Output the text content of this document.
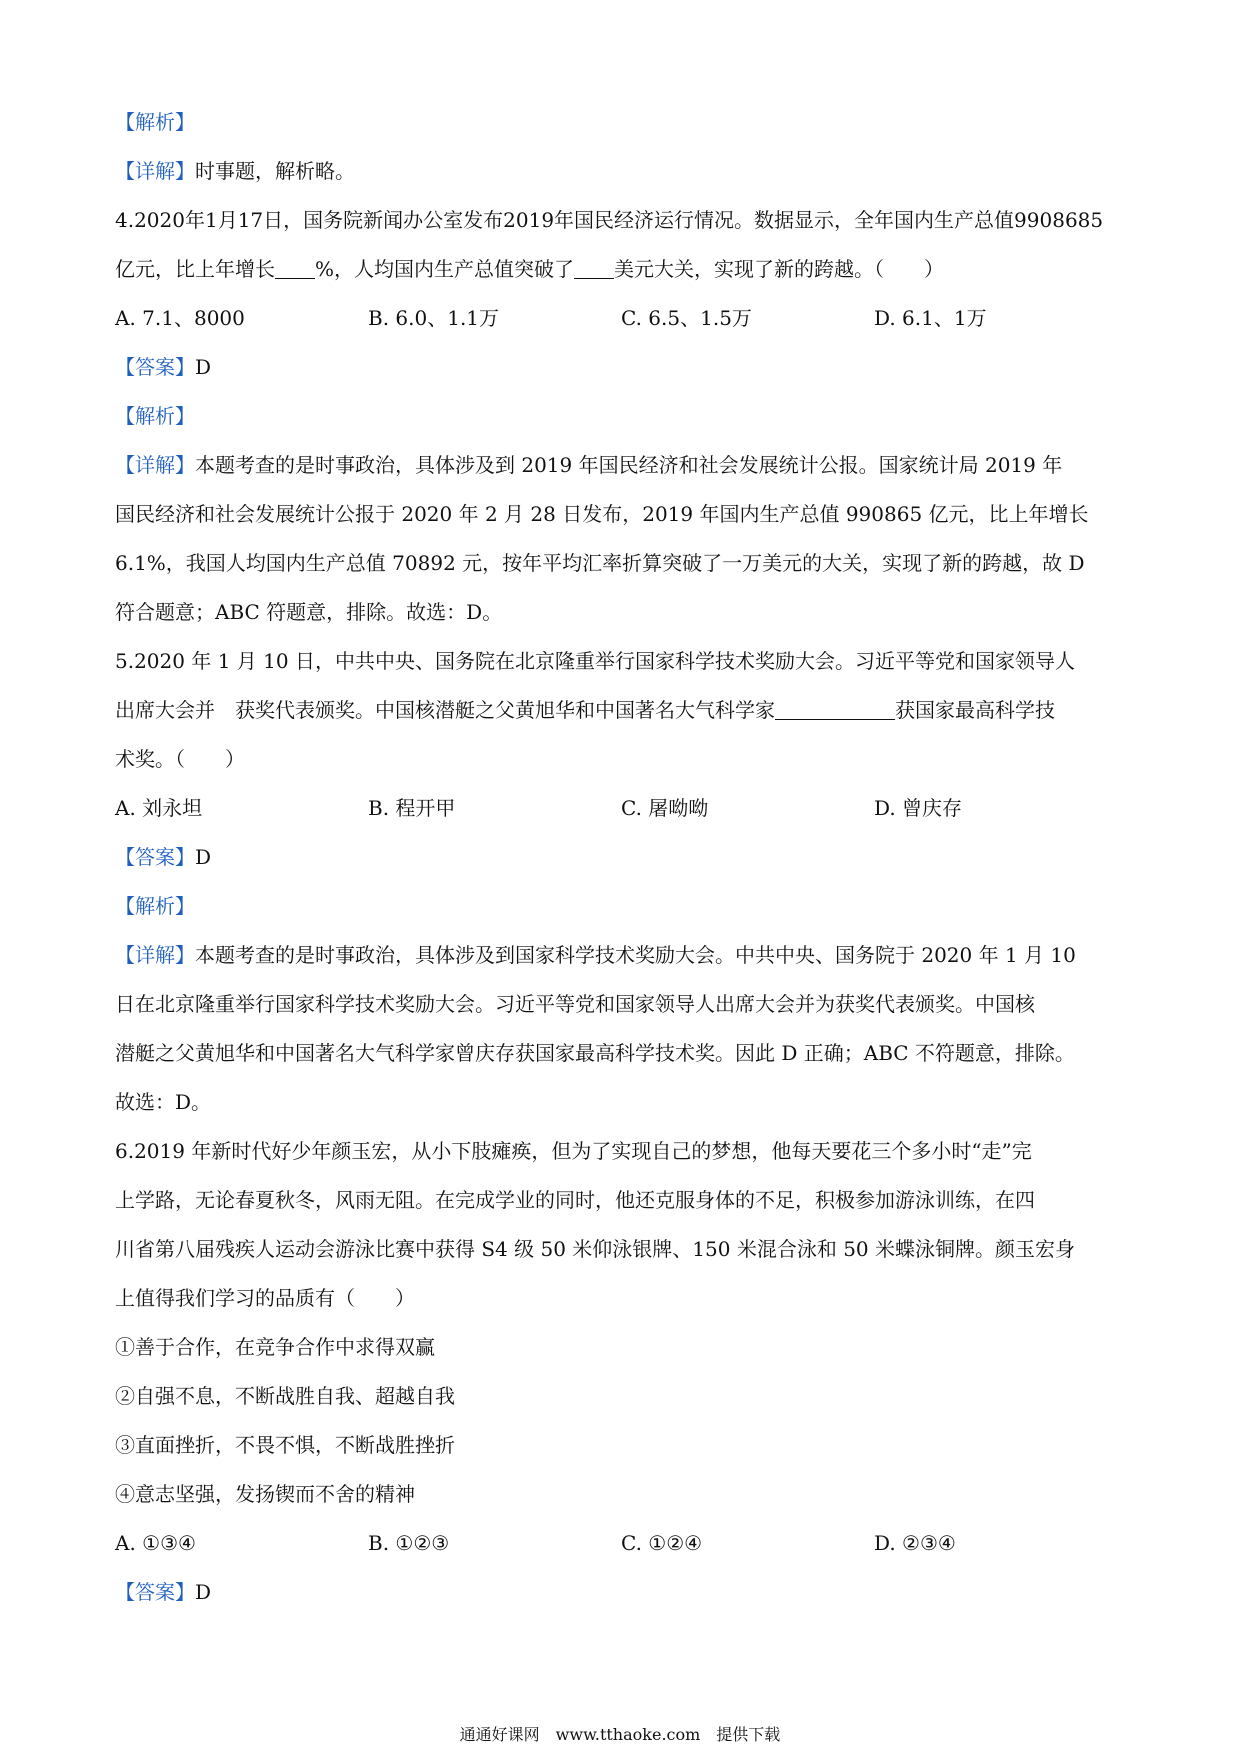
【解析】
【详解】时事题，解析略。
4.2020年1月17日，国务院新闻办公室发布2019年国民经济运行情况。数据显示，全年国内生产总值9908685
亿元，比上年增长 %，人均国内生产总值突破了 美元大关，实现了新的跨越。（　　）
A. 7.1、8000	B. 6.0、1.1万	C. 6.5、1.5万	D. 6.1、1万
【答案】D
【解析】
【详解】本题考查的是时事政治，具体涉及到 2019 年国民经济和社会发展统计公报。国家统计局 2019 年
国民经济和社会发展统计公报于 2020 年 2 月 28 日发布，2019 年国内生产总值 990865 亿元，比上年增长
6.1%，我国人均国内生产总值 70892 元，按年平均汇率折算突破了一万美元的大关，实现了新的跨越，故 D
符合题意；ABC 符题意，排除。故选：D。
5.2020 年 1 月 10 日，中共中央、国务院在北京隆重举行国家科学技术奖励大会。习近平等党和国家领导人
出席大会并　获奖代表颁奖。中国核潜艇之父黄旭华和中国著名大气科学家	获国家最高科学技
术奖。（　　）
A. 刘永坦	B. 程开甲	C. 屠呦呦	D. 曾庆存
【答案】D
【解析】
【详解】本题考查的是时事政治，具体涉及到国家科学技术奖励大会。中共中央、国务院于 2020 年 1 月 10
日在北京隆重举行国家科学技术奖励大会。习近平等党和国家领导人出席大会并为获奖代表颁奖。中国核
潜艇之父黄旭华和中国著名大气科学家曾庆存获国家最高科学技术奖。因此 D 正确；ABC 不符题意，排除。
故选：D。
6.2019 年新时代好少年颜玉宏，从小下肢瘫痪，但为了实现自己的梦想，他每天要花三个多小时“走”完
上学路，无论春夏秋冬，风雨无阻。在完成学业的同时，他还克服身体的不足，积极参加游泳训练，在四
川省第八届残疾人运动会游泳比赛中获得 S4 级 50 米仰泳银牌、150 米混合泳和 50 米蝶泳铜牌。颜玉宏身
上值得我们学习的品质有（　　）
①善于合作，在竞争合作中求得双赢
②自强不息，不断战胜自我、超越自我
③直面挫折，不畏不惧，不断战胜挫折
④意志坚强，发扬锲而不舍的精神
A. ①③④	B. ①②③	C. ①②④	D. ②③④
【答案】D
通通好课网　www.tthaoke.com　提供下载
